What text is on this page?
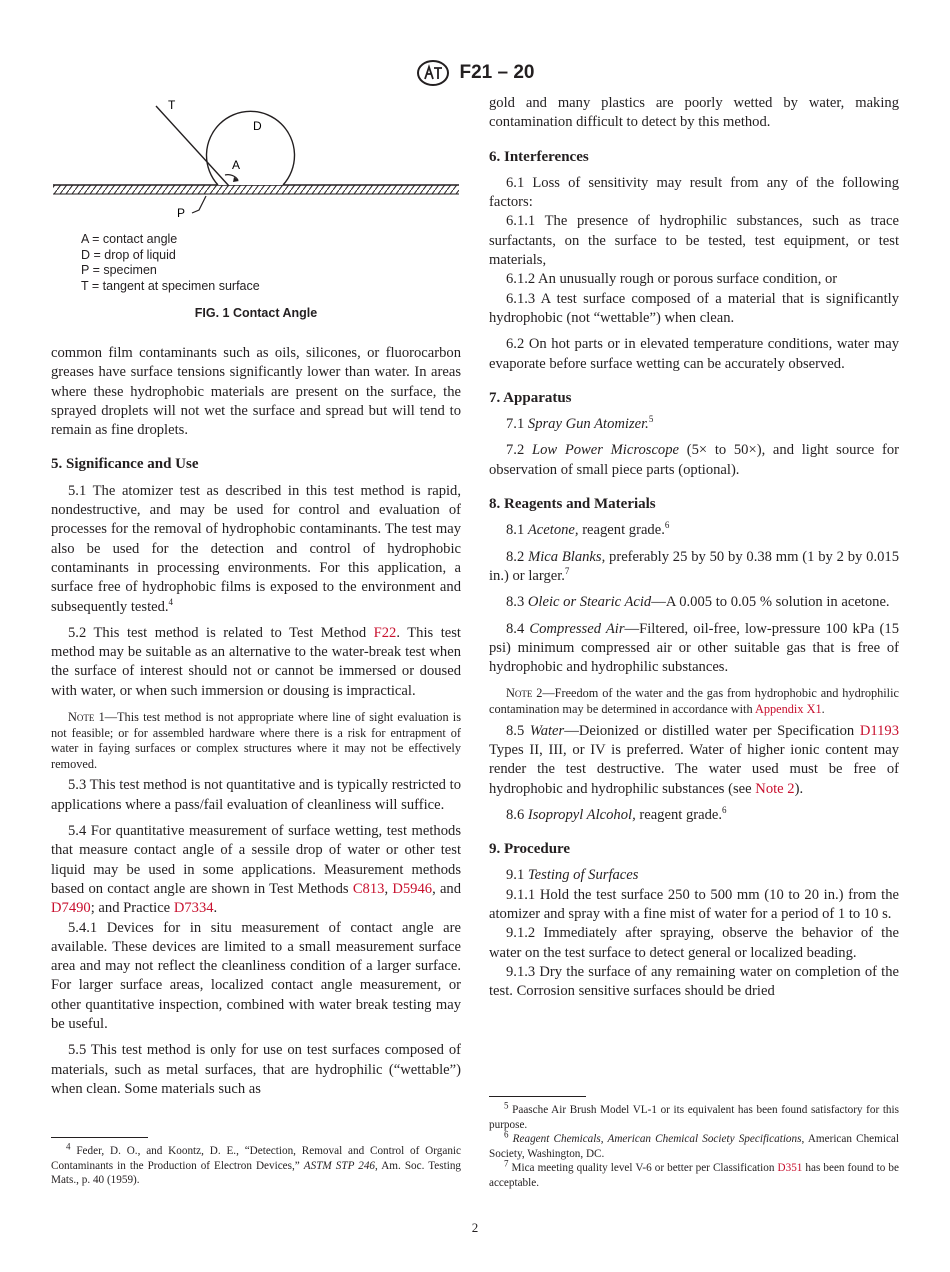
F21 – 20
T
D
A
P
A = contact angle
D = drop of liquid
P = specimen
T = tangent at specimen surface
FIG. 1 Contact Angle

common film contaminants such as oils, silicones, or fluorocarbon greases have surface tensions significantly lower than water. In areas where these hydrophobic materials are present on the surface, the sprayed droplets will not wet the surface and spread but will tend to remain as fine droplets.

5. Significance and Use

5.1 The atomizer test as described in this test method is rapid, nondestructive, and may be used for control and evaluation of processes for the removal of hydrophobic contaminants. The test may also be used for the detection and control of hydrophobic contaminants in processing environments. For this application, a surface free of hydrophobic films is exposed to the environment and subsequently tested.$^4$

5.2 This test method is related to Test Method F22. This test method may be suitable as an alternative to the water-break test when the surface of interest should not or cannot be immersed or doused with water, or when such immersion or dousing is impractical.

Note 1—This test method is not appropriate where line of sight evaluation is not feasible; or for assembled hardware where there is a risk for entrapment of water in faying surfaces or complex structures where it may not be effectively removed.

5.3 This test method is not quantitative and is typically restricted to applications where a pass/fail evaluation of cleanliness will suffice.

5.4 For quantitative measurement of surface wetting, test methods that measure contact angle of a sessile drop of water or other test liquid may be used in some applications. Measurement methods based on contact angle are shown in Test Methods C813, D5946, and D7490; and Practice D7334.

5.4.1 Devices for in situ measurement of contact angle are available. These devices are limited to a small measurement surface area and may not reflect the cleanliness condition of a larger surface. For larger surface areas, localized contact angle measurement, or other quantitative inspection, combined with water break testing may be useful.

5.5 This test method is only for use on test surfaces composed of materials, such as metal surfaces, that are hydrophilic (“wettable”) when clean. Some materials such as

$^4$ Feder, D. O., and Koontz, D. E., “Detection, Removal and Control of Organic Contaminants in the Production of Electron Devices,” ASTM STP 246, Am. Soc. Testing Mats., p. 40 (1959).

gold and many plastics are poorly wetted by water, making contamination difficult to detect by this method.

6. Interferences

6.1 Loss of sensitivity may result from any of the following factors:

6.1.1 The presence of hydrophilic substances, such as trace surfactants, on the surface to be tested, test equipment, or test materials,

6.1.2 An unusually rough or porous surface condition, or

6.1.3 A test surface composed of a material that is significantly hydrophobic (not “wettable”) when clean.

6.2 On hot parts or in elevated temperature conditions, water may evaporate before surface wetting can be accurately observed.

7. Apparatus

7.1 Spray Gun Atomizer.$^5$

7.2 Low Power Microscope (5× to 50×), and light source for observation of small piece parts (optional).

8. Reagents and Materials

8.1 Acetone, reagent grade.$^6$

8.2 Mica Blanks, preferably 25 by 50 by 0.38 mm (1 by 2 by 0.015 in.) or larger.$^7$

8.3 Oleic or Stearic Acid—A 0.005 to 0.05 % solution in acetone.

8.4 Compressed Air—Filtered, oil-free, low-pressure 100 kPa (15 psi) minimum compressed air or other suitable gas that is free of hydrophobic and hydrophilic substances.

Note 2—Freedom of the water and the gas from hydrophobic and hydrophilic contamination may be determined in accordance with Appendix X1.

8.5 Water—Deionized or distilled water per Specification D1193 Types II, III, or IV is preferred. Water of higher ionic content may render the test destructive. The water used must be free of hydrophobic and hydrophilic substances (see Note 2).

8.6 Isopropyl Alcohol, reagent grade.$^6$

9. Procedure

9.1 Testing of Surfaces

9.1.1 Hold the test surface 250 to 500 mm (10 to 20 in.) from the atomizer and spray with a fine mist of water for a period of 1 to 10 s.

9.1.2 Immediately after spraying, observe the behavior of the water on the test surface to detect general or localized beading.

9.1.3 Dry the surface of any remaining water on completion of the test. Corrosion sensitive surfaces should be dried

$^5$ Paasche Air Brush Model VL-1 or its equivalent has been found satisfactory for this purpose.

$^6$ Reagent Chemicals, American Chemical Society Specifications, American Chemical Society, Washington, DC.

$^7$ Mica meeting quality level V-6 or better per Classification D351 has been found to be acceptable.

2
